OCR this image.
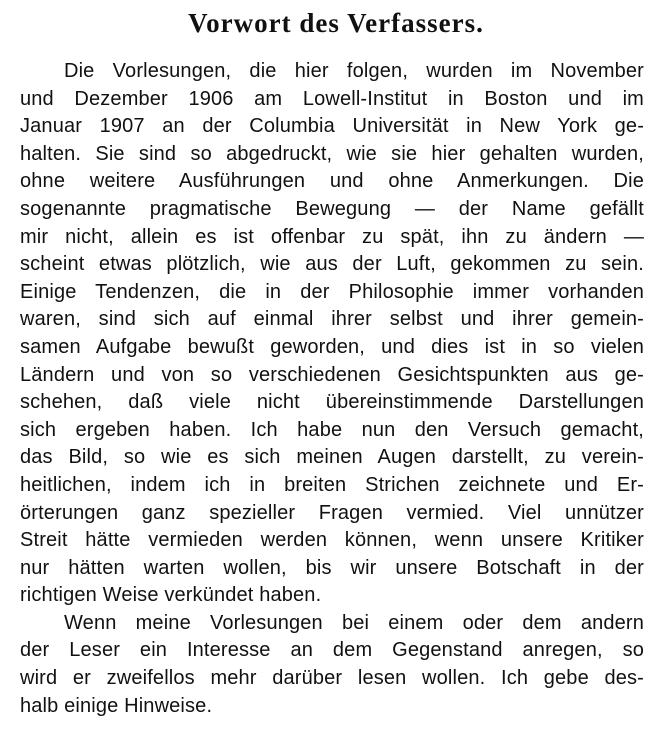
Vorwort des Verfassers.
Die Vorlesungen, die hier folgen, wurden im November
und Dezember 1906 am Lowell-Institut in Boston und im
Januar 1907 an der Columbia Universität in New York ge-
halten. Sie sind so abgedruckt, wie sie hier gehalten wurden,
ohne weitere Ausführungen und ohne Anmerkungen. Die
sogenannte pragmatische Bewegung — der Name gefällt
mir nicht, allein es ist offenbar zu spät, ihn zu ändern —
scheint etwas plötzlich, wie aus der Luft, gekommen zu sein.
Einige Tendenzen, die in der Philosophie immer vorhanden
waren, sind sich auf einmal ihrer selbst und ihrer gemein-
samen Aufgabe bewußt geworden, und dies ist in so vielen
Ländern und von so verschiedenen Gesichtspunkten aus ge-
schehen, daß viele nicht übereinstimmende Darstellungen
sich ergeben haben. Ich habe nun den Versuch gemacht,
das Bild, so wie es sich meinen Augen darstellt, zu verein-
heitlichen, indem ich in breiten Strichen zeichnete und Er-
örterungen ganz spezieller Fragen vermied. Viel unnützer
Streit hätte vermieden werden können, wenn unsere Kritiker
nur hätten warten wollen, bis wir unsere Botschaft in der
richtigen Weise verkündet haben.
Wenn meine Vorlesungen bei einem oder dem andern
der Leser ein Interesse an dem Gegenstand anregen, so
wird er zweifellos mehr darüber lesen wollen. Ich gebe des-
halb einige Hinweise.
